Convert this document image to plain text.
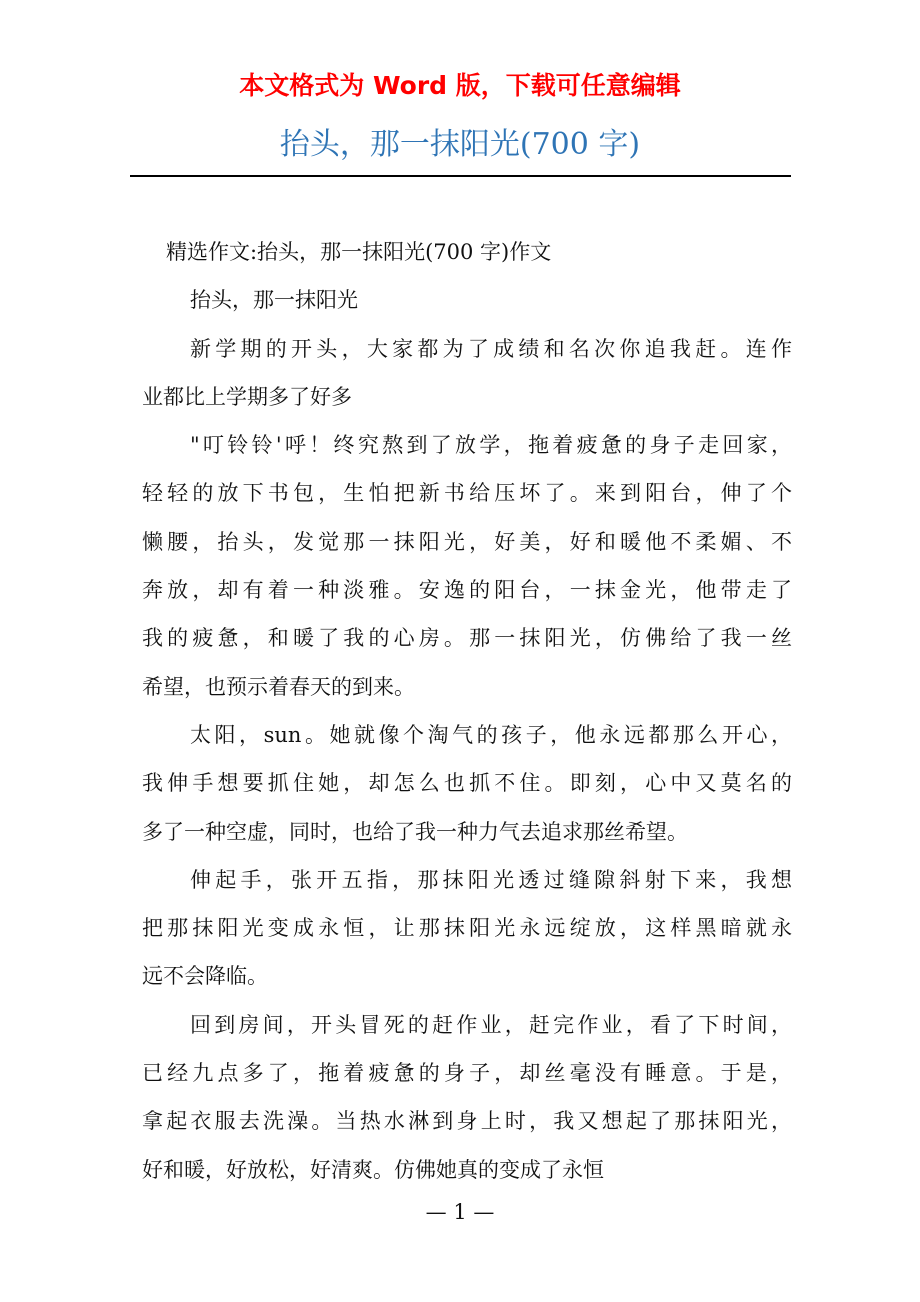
本文格式为 Word 版，下载可任意编辑
抬头，那一抹阳光(700 字)
精选作文:抬头，那一抹阳光(700 字)作文
抬头，那一抹阳光
新学期的开头，大家都为了成绩和名次你追我赶。连作
业都比上学期多了好多
"叮铃铃'呼！终究熬到了放学，拖着疲惫的身子走回家，
轻轻的放下书包，生怕把新书给压坏了。来到阳台，伸了个
懒腰，抬头，发觉那一抹阳光，好美，好和暖他不柔媚、不
奔放，却有着一种淡雅。安逸的阳台，一抹金光，他带走了
我的疲惫，和暖了我的心房。那一抹阳光，仿佛给了我一丝
希望，也预示着春天的到来。
太阳，sun。她就像个淘气的孩子，他永远都那么开心，
我伸手想要抓住她，却怎么也抓不住。即刻，心中又莫名的
多了一种空虚，同时，也给了我一种力气去追求那丝希望。
伸起手，张开五指，那抹阳光透过缝隙斜射下来，我想
把那抹阳光变成永恒，让那抹阳光永远绽放，这样黑暗就永
远不会降临。
回到房间，开头冒死的赶作业，赶完作业，看了下时间，
已经九点多了，拖着疲惫的身子，却丝毫没有睡意。于是，
拿起衣服去洗澡。当热水淋到身上时，我又想起了那抹阳光，
好和暖，好放松，好清爽。仿佛她真的变成了永恒
— 1 —
